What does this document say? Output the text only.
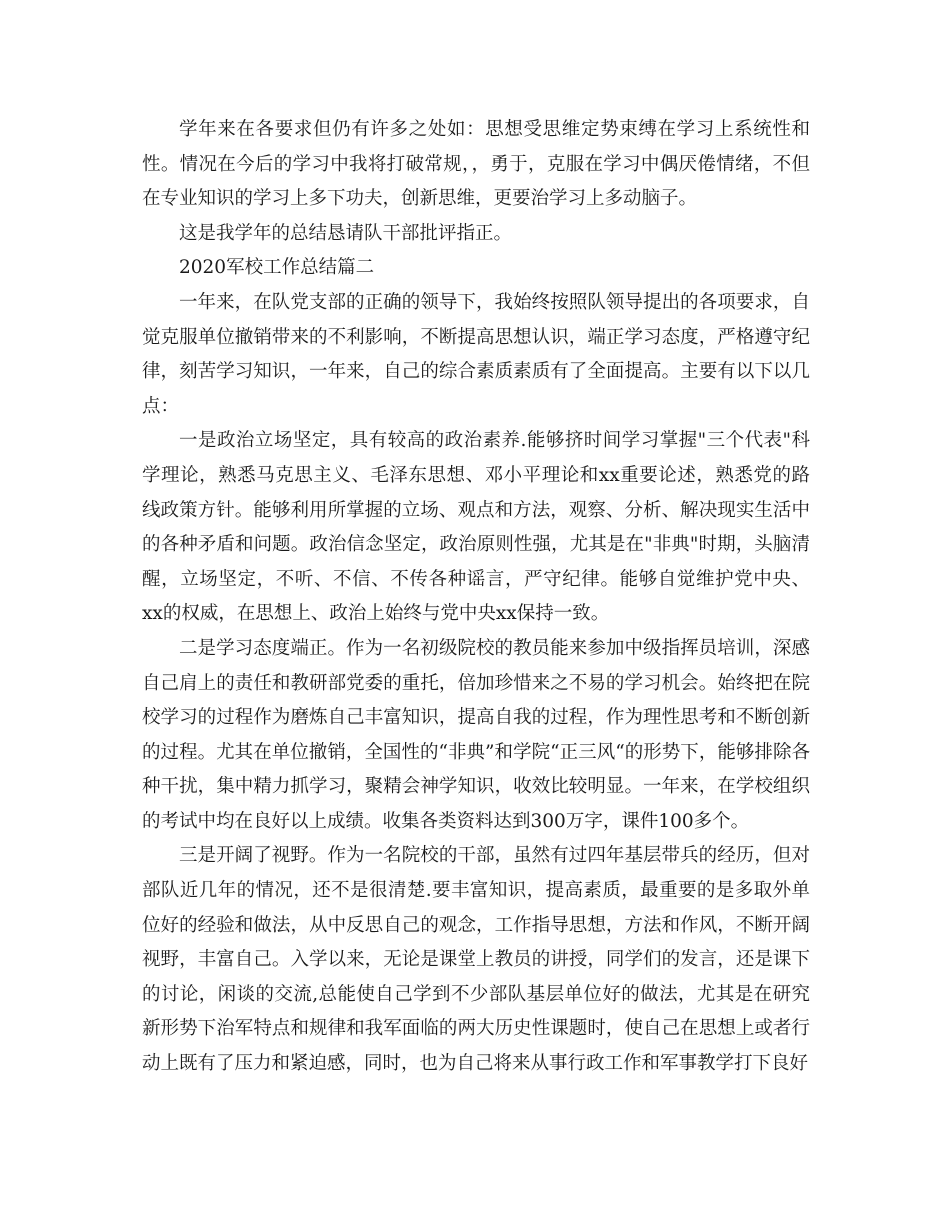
学年来在各要求但仍有许多之处如：思想受思维定势束缚在学习上系统性和性。情况在今后的学习中我将打破常规，，勇于，克服在学习中偶厌倦情绪，不但在专业知识的学习上多下功夫，创新思维，更要治学习上多动脑子。

这是我学年的总结恳请队干部批评指正。

2020军校工作总结篇二

一年来，在队党支部的正确的领导下，我始终按照队领导提出的各项要求，自觉克服单位撤销带来的不利影响，不断提高思想认识，端正学习态度，严格遵守纪律，刻苦学习知识，一年来，自己的综合素质素质有了全面提高。主要有以下以几点：

一是政治立场坚定，具有较高的政治素养.能够挤时间学习掌握"三个代表"科学理论，熟悉马克思主义、毛泽东思想、邓小平理论和xx重要论述，熟悉党的路线政策方针。能够利用所掌握的立场、观点和方法，观察、分析、解决现实生活中的各种矛盾和问题。政治信念坚定，政治原则性强，尤其是在"非典"时期，头脑清醒，立场坚定，不听、不信、不传各种谣言，严守纪律。能够自觉维护党中央、xx的权威，在思想上、政治上始终与党中央xx保持一致。

二是学习态度端正。作为一名初级院校的教员能来参加中级指挥员培训，深感自己肩上的责任和教研部党委的重托，倍加珍惜来之不易的学习机会。始终把在院校学习的过程作为磨炼自己丰富知识，提高自我的过程，作为理性思考和不断创新的过程。尤其在单位撤销，全国性的“非典”和学院“正三风“的形势下，能够排除各种干扰，集中精力抓学习，聚精会神学知识，收效比较明显。一年来，在学校组织的考试中均在良好以上成绩。收集各类资料达到300万字，课件100多个。

三是开阔了视野。作为一名院校的干部，虽然有过四年基层带兵的经历，但对部队近几年的情况，还不是很清楚.要丰富知识，提高素质，最重要的是多取外单位好的经验和做法，从中反思自己的观念，工作指导思想，方法和作风，不断开阔视野，丰富自己。入学以来，无论是课堂上教员的讲授，同学们的发言，还是课下的讨论，闲谈的交流,总能使自己学到不少部队基层单位好的做法，尤其是在研究新形势下治军特点和规律和我军面临的两大历史性课题时，使自己在思想上或者行动上既有了压力和紧迫感，同时，也为自己将来从事行政工作和军事教学打下良好
